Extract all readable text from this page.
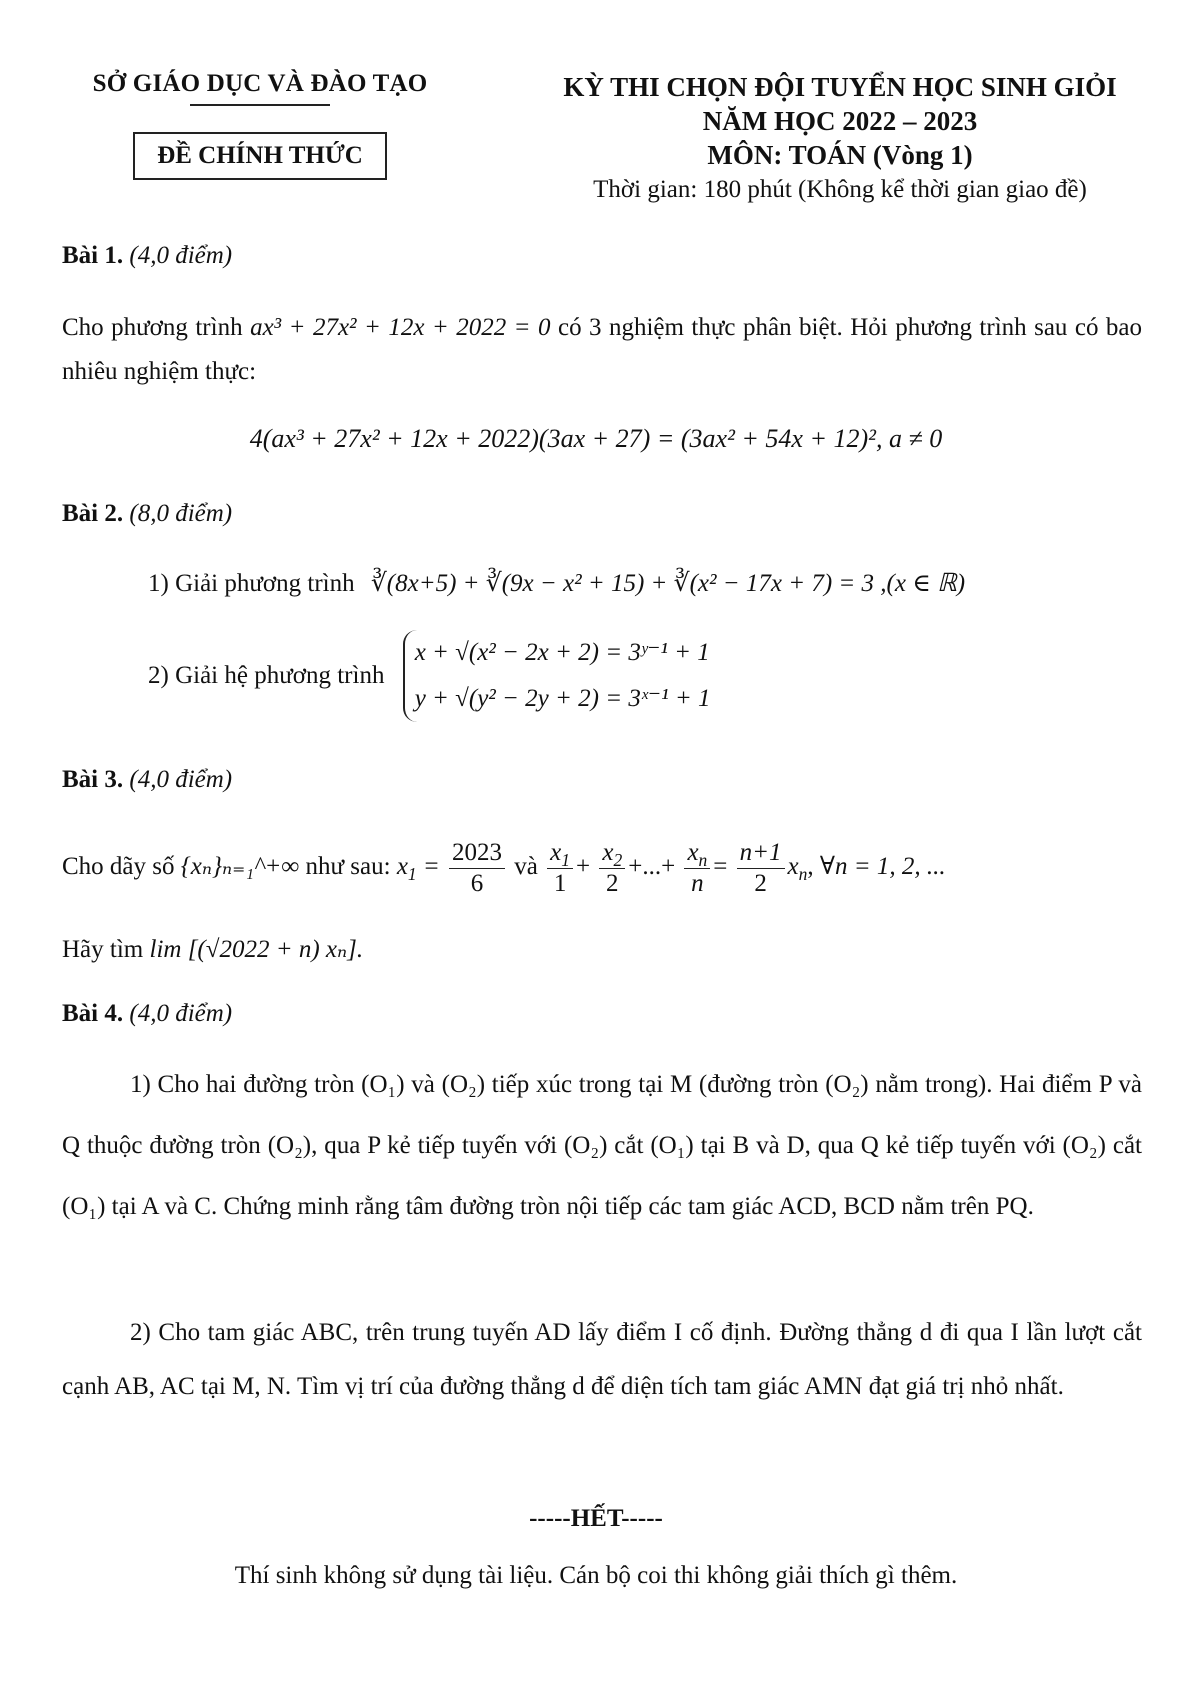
SỞ GIÁO DỤC VÀ ĐÀO TẠO
ĐỀ CHÍNH THỨC
KỲ THI CHỌN ĐỘI TUYỂN HỌC SINH GIỎI
NĂM HỌC 2022 – 2023
MÔN: TOÁN (Vòng 1)
Thời gian: 180 phút (Không kể thời gian giao đề)
Bài 1. (4,0 điểm)
Cho phương trình ax³ + 27x² + 12x + 2022 = 0 có 3 nghiệm thực phân biệt. Hỏi phương trình sau có bao nhiêu nghiệm thực:
4(ax³ + 27x² + 12x + 2022)(3ax + 27) = (3ax² + 54x + 12)², a ≠ 0
Bài 2. (8,0 điểm)
1) Giải phương trình ∛(8x+5) + ∛(9x − x² + 15) + ∛(x² − 17x + 7) = 3 ,(x ∈ ℝ)
2) Giải hệ phương trình
x + √(x² − 2x + 2) = 3ʸ⁻¹ + 1
y + √(y² − 2y + 2) = 3ˣ⁻¹ + 1
Bài 3. (4,0 điểm)
Cho dãy số {xₙ}ₙ₌₁^+∞ như sau: $x_1 = \frac{2023}{6}$ và $\frac{x_1}{1} + \frac{x_2}{2}$ +...+ $\frac{x_n}{n} = \frac{n+1}{2} x_n$, ∀n = 1, 2, ...
Hãy tìm lim [(√2022 + n) xₙ].
Bài 4. (4,0 điểm)
1) Cho hai đường tròn (O₁) và (O₂) tiếp xúc trong tại M (đường tròn (O₂) nằm trong). Hai điểm P và Q thuộc đường tròn (O₂), qua P kẻ tiếp tuyến với (O₂) cắt (O₁) tại B và D, qua Q kẻ tiếp tuyến với (O₂) cắt (O₁) tại A và C. Chứng minh rằng tâm đường tròn nội tiếp các tam giác ACD, BCD nằm trên PQ.
2) Cho tam giác ABC, trên trung tuyến AD lấy điểm I cố định. Đường thẳng d đi qua I lần lượt cắt cạnh AB, AC tại M, N. Tìm vị trí của đường thẳng d để diện tích tam giác AMN đạt giá trị nhỏ nhất.
-----HẾT-----
Thí sinh không sử dụng tài liệu. Cán bộ coi thi không giải thích gì thêm.
